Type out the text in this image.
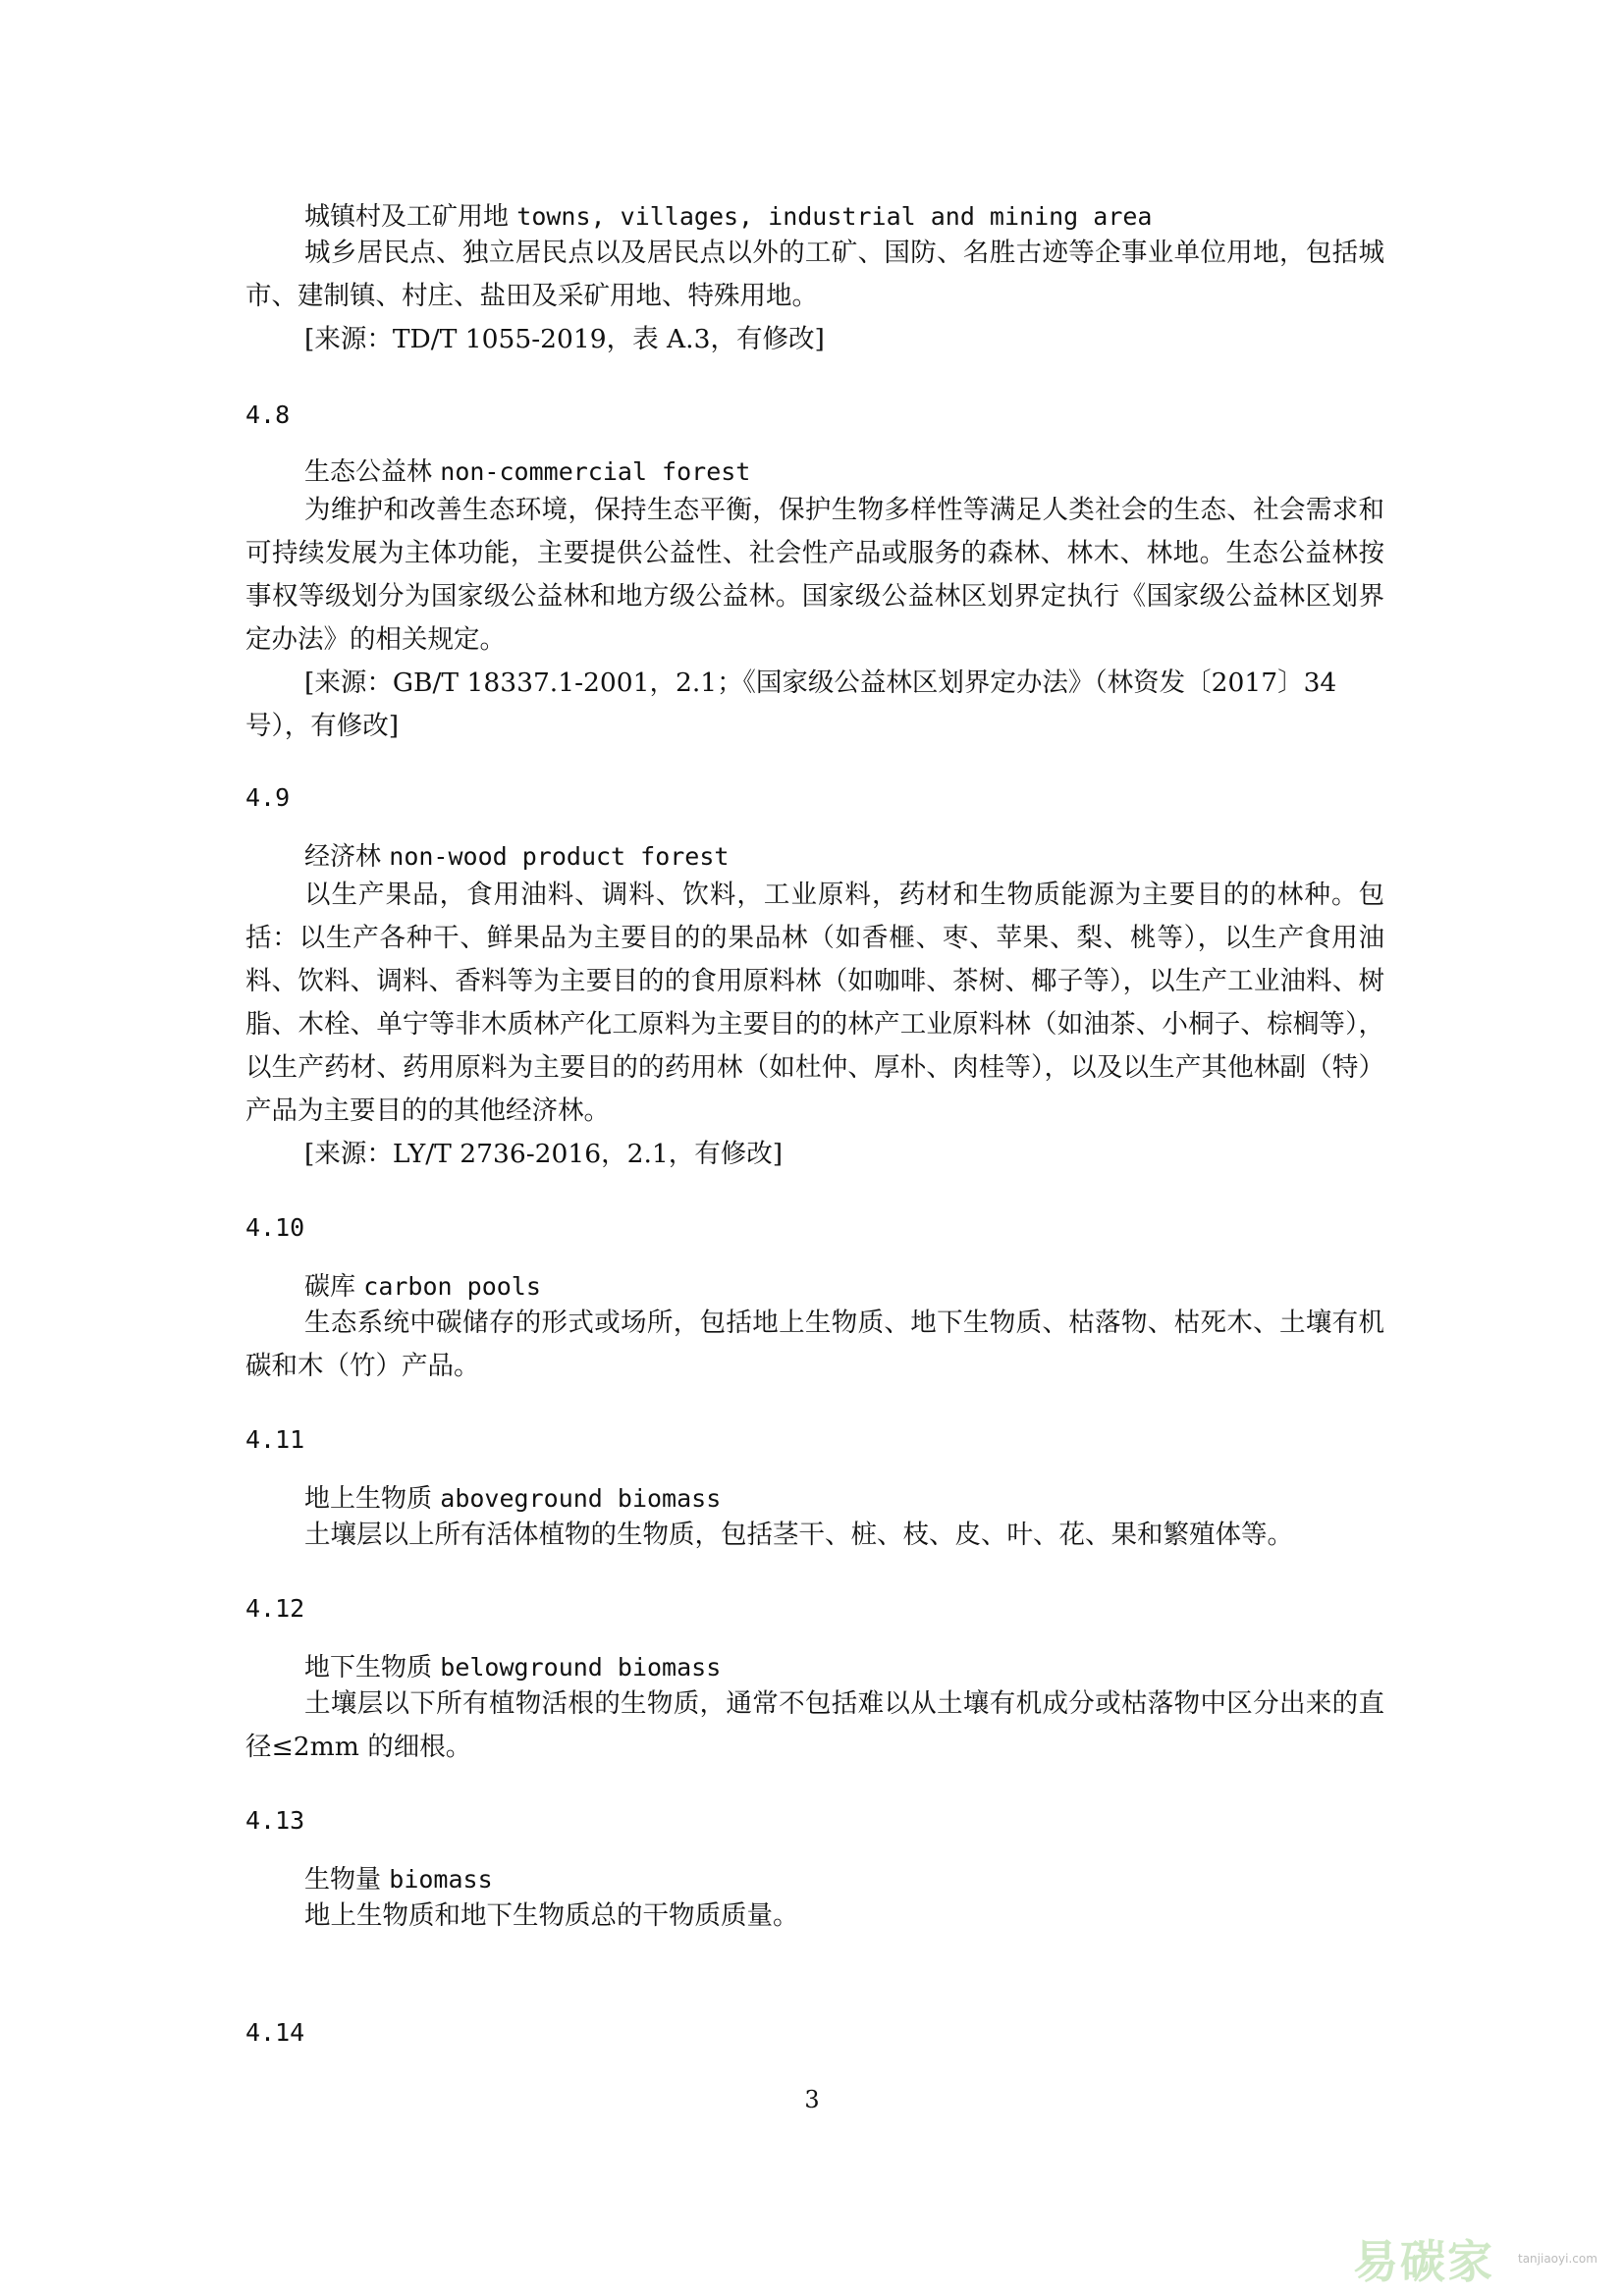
城镇村及工矿用地 towns, villages, industrial and mining area

城乡居民点、独立居民点以及居民点以外的工矿、国防、名胜古迹等企事业单位用地，包括城市、建制镇、村庄、盐田及采矿用地、特殊用地。

[来源：TD/T 1055-2019，表 A.3，有修改]

4.8
生态公益林 non-commercial forest

为维护和改善生态环境，保持生态平衡，保护生物多样性等满足人类社会的生态、社会需求和可持续发展为主体功能，主要提供公益性、社会性产品或服务的森林、林木、林地。生态公益林按事权等级划分为国家级公益林和地方级公益林。国家级公益林区划界定执行《国家级公益林区划界定办法》的相关规定。

[来源：GB/T 18337.1-2001，2.1；《国家级公益林区划界定办法》（林资发〔2017〕34 号），有修改]

4.9
经济林 non-wood product forest

以生产果品，食用油料、调料、饮料，工业原料，药材和生物质能源为主要目的的林种。包括：以生产各种干、鲜果品为主要目的的果品林（如香榧、枣、苹果、梨、桃等），以生产食用油料、饮料、调料、香料等为主要目的的食用原料林（如咖啡、茶树、椰子等），以生产工业油料、树脂、木栓、单宁等非木质林产化工原料为主要目的的林产工业原料林（如油茶、小桐子、棕榈等），以生产药材、药用原料为主要目的的药用林（如杜仲、厚朴、肉桂等），以及以生产其他林副（特）产品为主要目的的其他经济林。

[来源：LY/T 2736-2016，2.1，有修改]

4.10
碳库 carbon pools

生态系统中碳储存的形式或场所，包括地上生物质、地下生物质、枯落物、枯死木、土壤有机碳和木（竹）产品。

4.11
地上生物质 aboveground biomass

土壤层以上所有活体植物的生物质，包括茎干、桩、枝、皮、叶、花、果和繁殖体等。

4.12
地下生物质 belowground biomass

土壤层以下所有植物活根的生物质，通常不包括难以从土壤有机成分或枯落物中区分出来的直径≤2mm 的细根。

4.13
生物量 biomass

地上生物质和地下生物质总的干物质质量。

4.14
3
易碳家 tanjiaoyi.com
